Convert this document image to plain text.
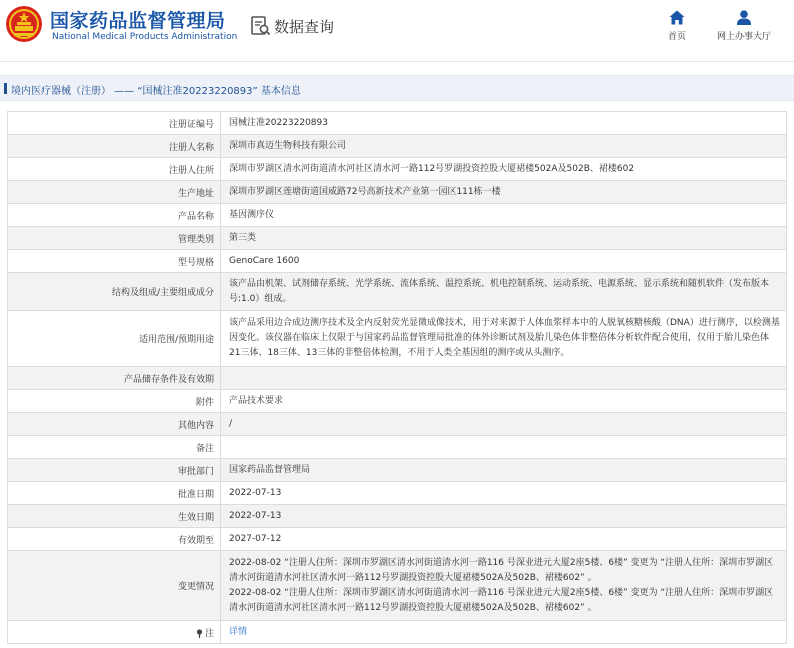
国家药品监督管理局
National Medical Products Administration
数据查询
首页	网上办事大厅
境内医疗器械（注册） —— “国械注准20223220893” 基本信息
注册证编号	国械注准20223220893
注册人名称	深圳市真迈生物科技有限公司
注册人住所	深圳市罗湖区清水河街道清水河社区清水河一路112号罗湖投资控股大厦裙楼502A及502B、裙楼602
生产地址	深圳市罗湖区莲塘街道国威路72号高新技术产业第一园区111栋一楼
产品名称	基因测序仪
管理类别	第三类
型号规格	GenoCare 1600
结构及组成/主要组成成分	该产品由机架、试剂储存系统、光学系统、流体系统、温控系统、机电控制系统、运动系统、电源系统、显示系统和随机软件（发布版本号:1.0）组成。
适用范围/预期用途	该产品采用边合成边测序技术及全内反射荧光显微成像技术，用于对来源于人体血浆样本中的人脱氧核糖核酸（DNA）进行测序，以检测基因变化。该仪器在临床上仅限于与国家药品监督管理局批准的体外诊断试剂及胎儿染色体非整倍体分析软件配合使用，仅用于胎儿染色体21三体、18三体、13三体的非整倍体检测，不用于人类全基因组的测序或从头测序。
产品储存条件及有效期	
附件	产品技术要求
其他内容	/
备注	
审批部门	国家药品监督管理局
批准日期	2022-07-13
生效日期	2022-07-13
有效期至	2027-07-12
变更情况	2022-08-02 “注册人住所：深圳市罗湖区清水河街道清水河一路116 号深业进元大厦2座5楼、6楼” 变更为 “注册人住所：深圳市罗湖区清水河街道清水河社区清水河一路112号罗湖投资控股大厦裙楼502A及502B、裙楼602” 。
2022-08-02 “注册人住所：深圳市罗湖区清水河街道清水河一路116 号深业进元大厦2座5楼、6楼” 变更为 “注册人住所：深圳市罗湖区清水河街道清水河社区清水河一路112号罗湖投资控股大厦裙楼502A及502B、裙楼602” 。

注	详情
